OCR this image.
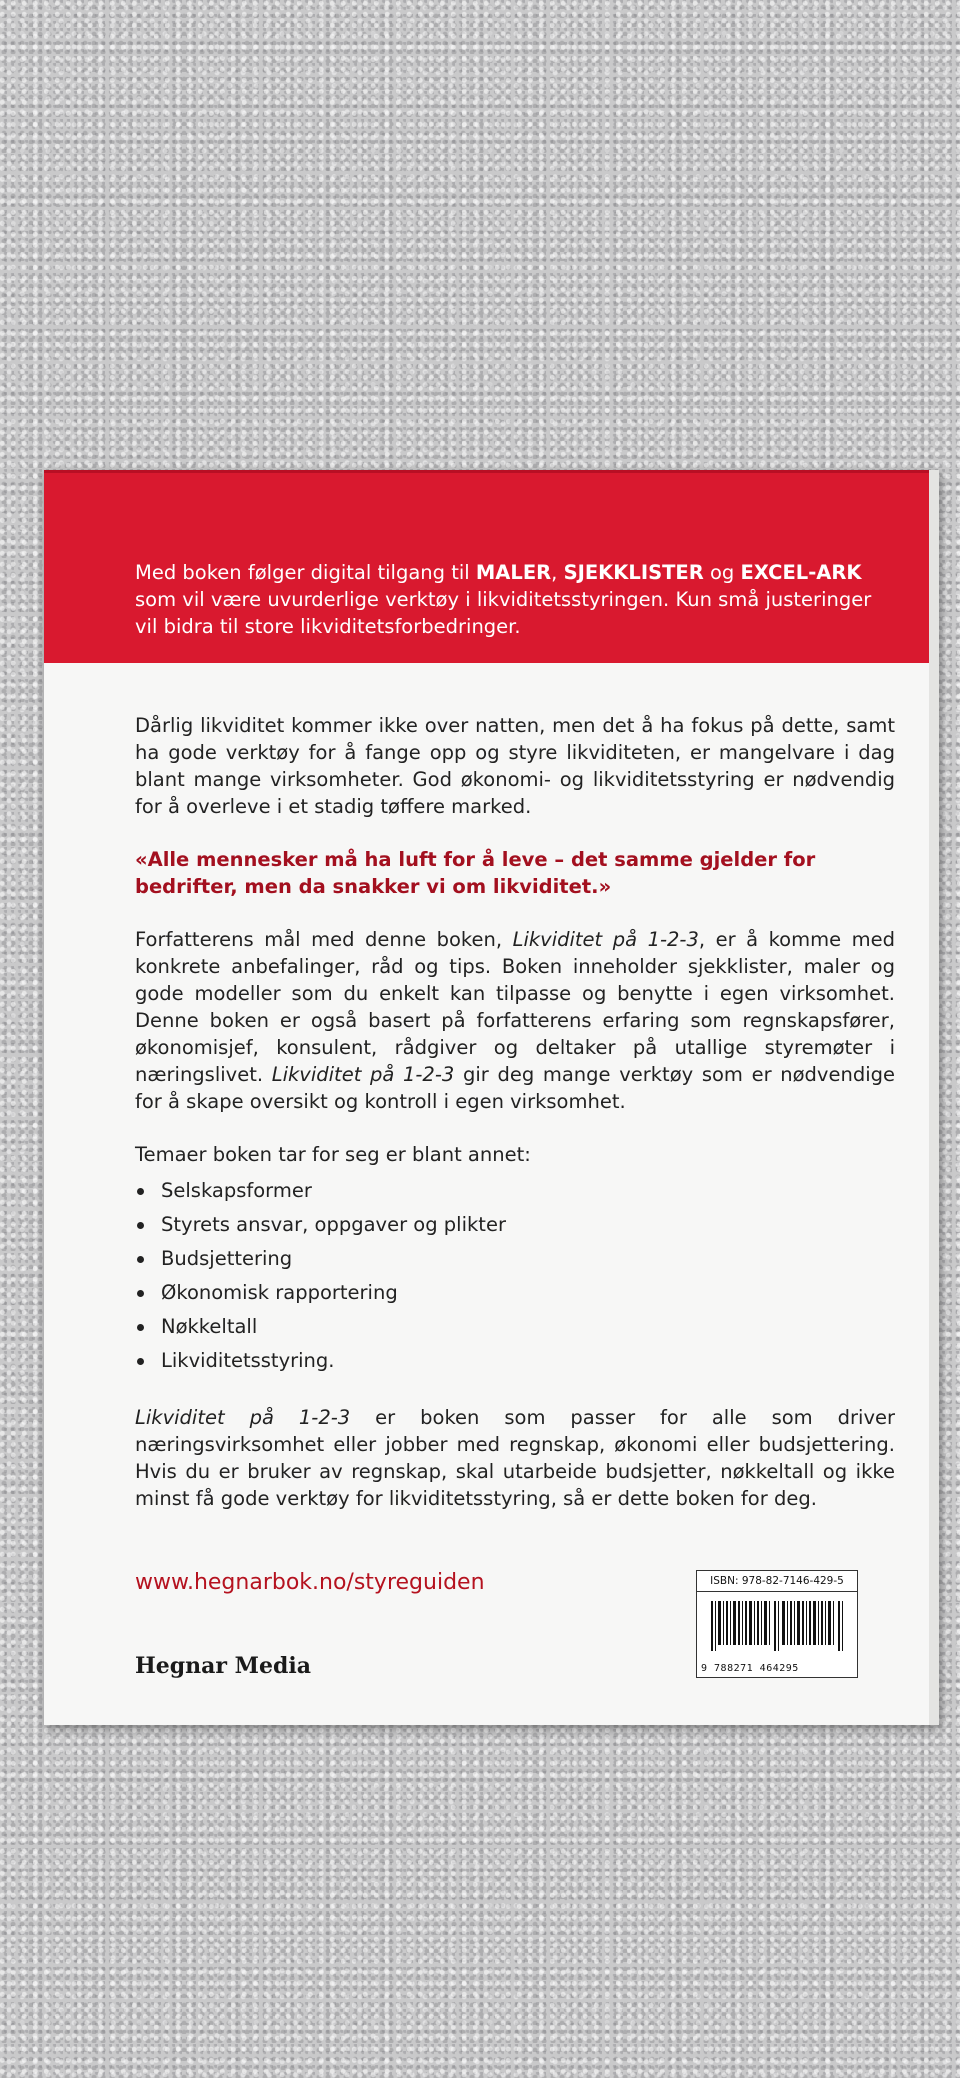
Med boken følger digital tilgang til MALER, SJEKKLISTER og EXCEL-ARK som vil være uvurderlige verktøy i likviditetsstyringen. Kun små justeringer vil bidra til store likviditetsforbedringer.

Dårlig likviditet kommer ikke over natten, men det å ha fokus på dette, samt ha gode verktøy for å fange opp og styre likviditeten, er mangelvare i dag blant mange virksomheter. God økonomi- og likviditetsstyring er nødvendig for å overleve i et stadig tøffere marked.

«Alle mennesker må ha luft for å leve – det samme gjelder for bedrifter, men da snakker vi om likviditet.»

Forfatterens mål med denne boken, Likviditet på 1-2-3, er å komme med konkrete anbefalinger, råd og tips. Boken inneholder sjekklister, maler og gode modeller som du enkelt kan tilpasse og benytte i egen virksomhet. Denne boken er også basert på forfatterens erfaring som regnskapsfører, økonomisjef, konsulent, rådgiver og deltaker på utallige styremøter i næringslivet. Likviditet på 1-2-3 gir deg mange verktøy som er nødvendige for å skape oversikt og kontroll i egen virksomhet.

Temaer boken tar for seg er blant annet:

Selskapsformer
Styrets ansvar, oppgaver og plikter
Budsjettering
Økonomisk rapportering
Nøkkeltall
Likviditetsstyring.

Likviditet på 1-2-3 er boken som passer for alle som driver næringsvirksomhet eller jobber med regnskap, økonomi eller budsjettering. Hvis du er bruker av regnskap, skal utarbeide budsjetter, nøkkeltall og ikke minst få gode verktøy for likviditetsstyring, så er dette boken for deg.

www.hegnarbok.no/styreguiden
Hegnar Media
ISBN: 978-82-7146-429-5
9 788271 464295
